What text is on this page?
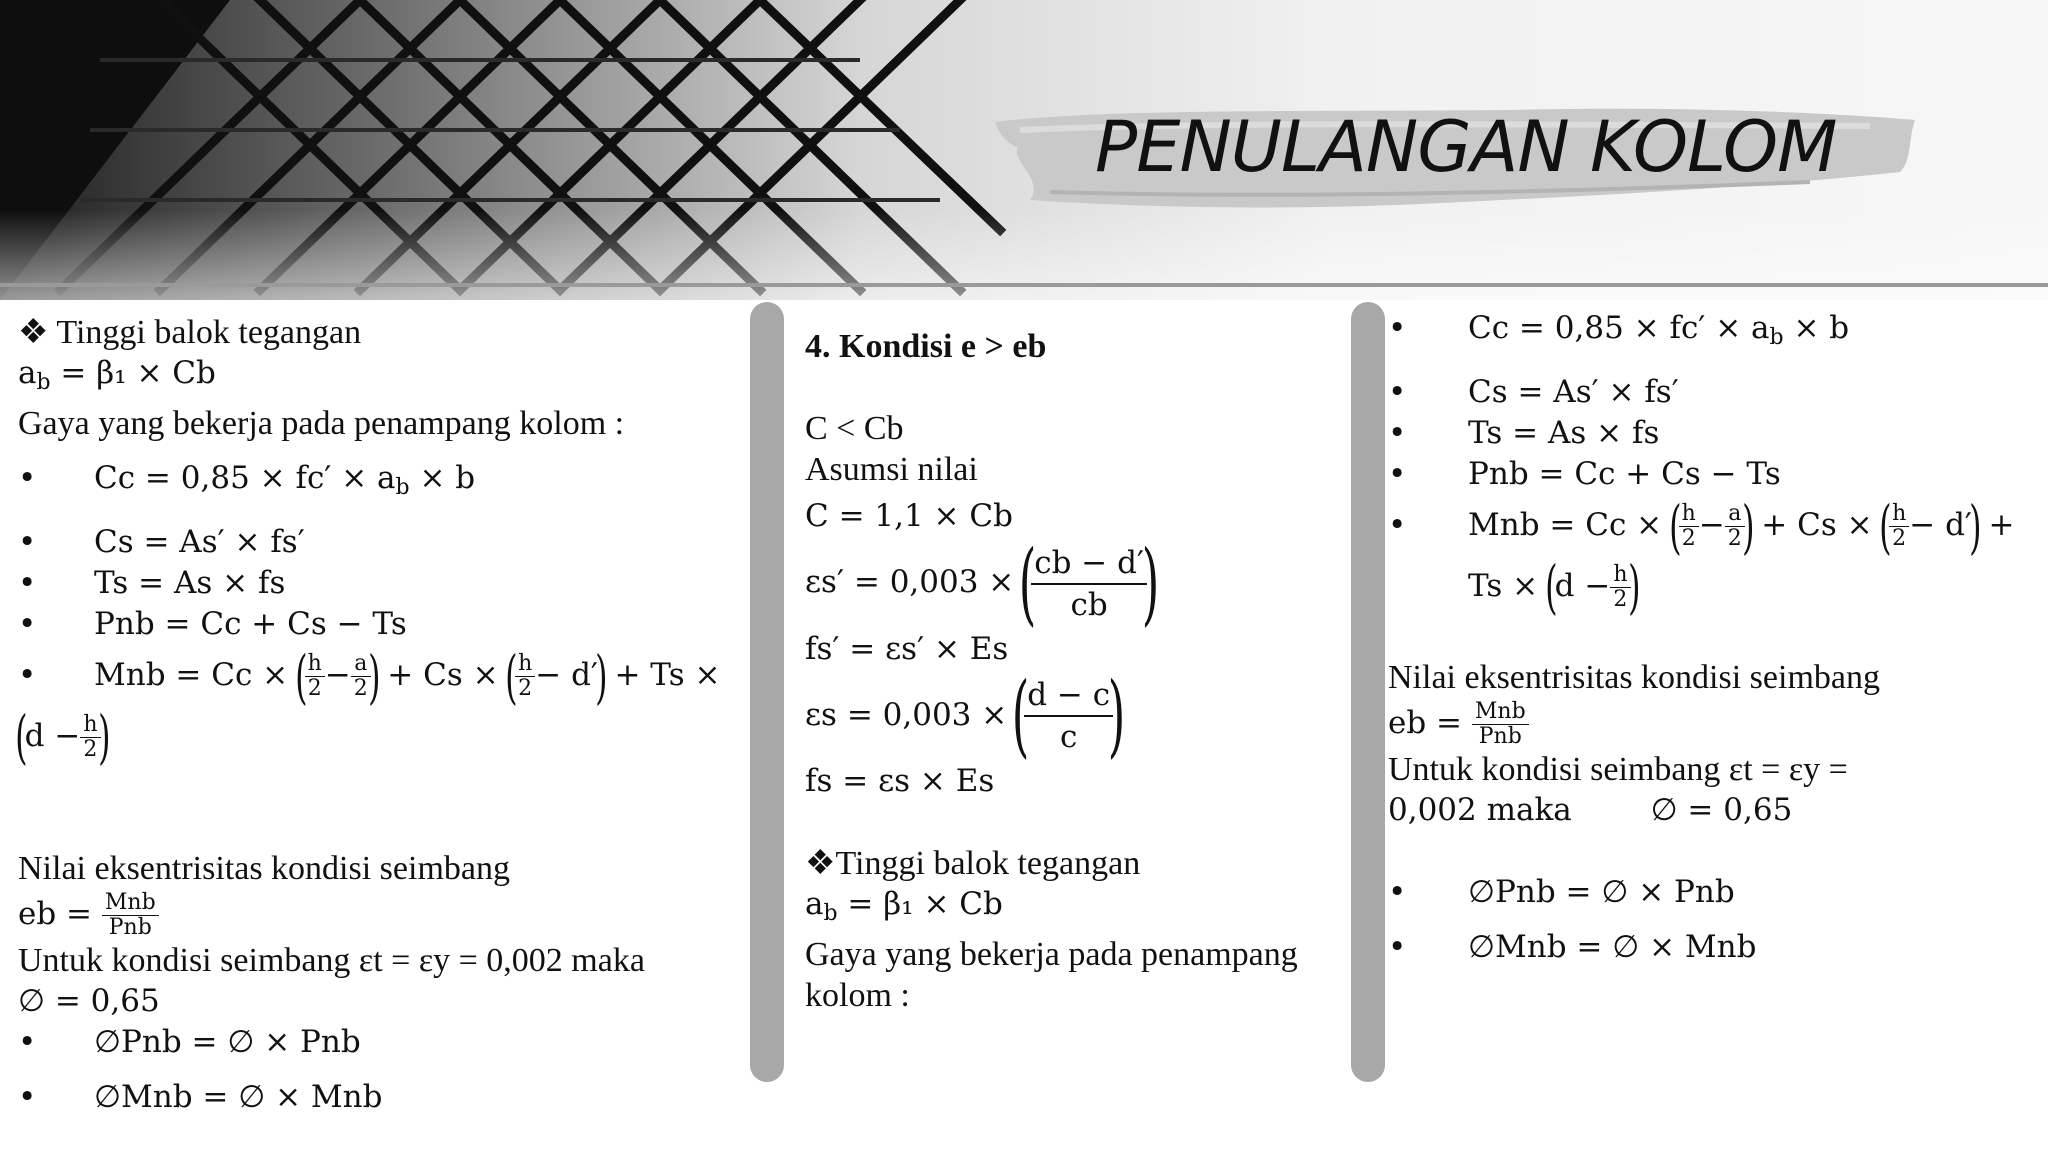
PENULANGAN KOLOM
❖ Tinggi balok tegangan
$a_b = \beta_1 \times Cb$
Gaya yang bekerja pada penampang kolom :
• $Cc = 0,85 \times fc' \times a_b \times b$
• Cs = As′ × fs′
• Ts = As × fs
• Pnb = Cc + Cs − Ts
• Mnb = Cc × (
$\frac{h}{2} - \frac{a}{2}$
) + Cs × (
$\frac{h}{2} - d') + Ts$ ×
($d - \frac{h}{2}$
)
Nilai eksentrisitas kondisi seimbang
eb = $\frac{\text{Mnb}}{\text{Pnb}}$
Untuk kondisi seimbang εt = εy = 0,002 maka
∅ = 0,65
• ∅Pnb = ∅ × Pnb
• ∅Mnb = ∅ × Mnb
4. Kondisi e > eb
C < Cb
Asumsi nilai
C = 1,1 × Cb
εs′ = 0,003 × (
$\frac{cb - d'}{cb}$
)
fs′ = εs′ × Es
εs = 0,003 × (
$\frac{d - c}{c}$
)
fs = εs × Es
❖Tinggi balok tegangan
$a_b = \beta_1 \times Cb$
Gaya yang bekerja pada penampang
kolom :
• $Cc = 0,85 \times fc' \times a_b \times b$
• Cs = As′ × fs′
• Ts = As × fs
• Pnb = Cc + Cs − Ts
• Mnb = Cc × (
$\frac{h}{2} - \frac{a}{2}$
) + Cs × (
$\frac{h}{2} - d'$) +
$Ts \times (d - \frac{h}{2}$
)
Nilai eksentrisitas kondisi seimbang
eb = $\frac{\text{Mnb}}{\text{Pnb}}$
Untuk kondisi seimbang εt = εy =
0,002 maka        ∅ = 0,65
• ∅Pnb = ∅ × Pnb
• ∅Mnb = ∅ × Mnb
